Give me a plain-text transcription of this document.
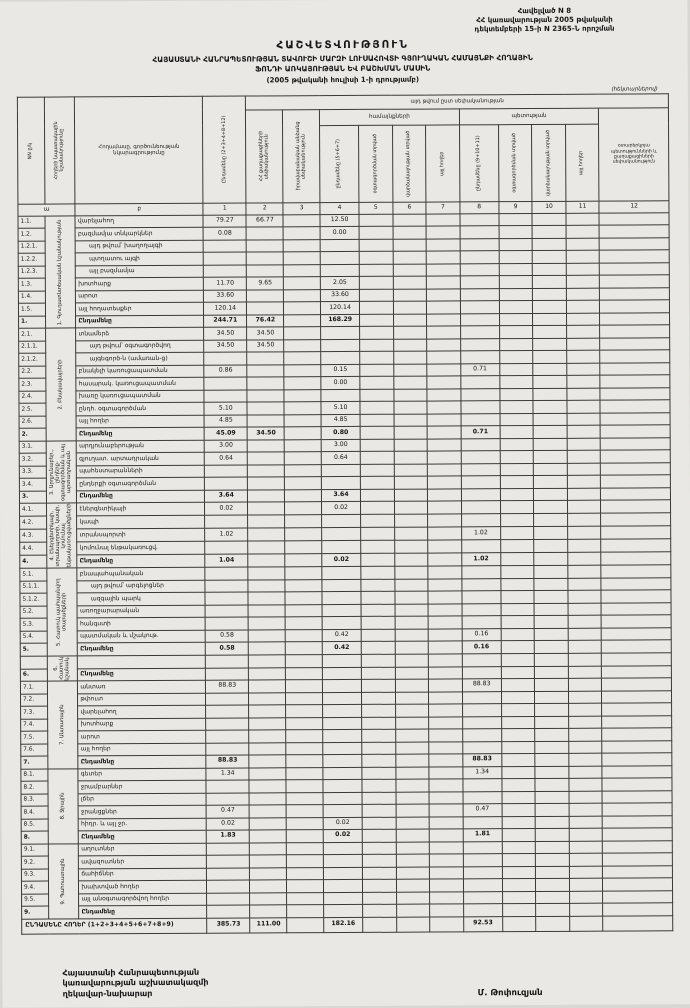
Հավելված N 8
ՀՀ կառավարության 2005 թվականի
դեկտեմբերի 15-ի N 2365-Ն որոշման
ՀԱՇՎԵՏՎՈՒԹՅՈՒՆ
ՀԱՅԱՍՏԱՆԻ ՀԱՆՐԱՊԵՏՈՒԹՅԱՆ ՏԱՎՈՒՇԻ ՄԱՐԶԻ ԼՈՒՍԱՀՈՎՏԻ ԳՅՈՒՂԱԿԱՆ ՀԱՄԱՅՆՔԻ ՀՈՂԱՅԻՆ
ՖՈՆԴԻ ԱՌԿԱՅՈՒԹՅԱՆ ԵՎ ԲԱՇԽՄԱՆ ՄԱՍԻՆ
(2005 թվականի հուլիսի 1-ի դրությամբ)
(հեկտարներով)
NN ը/կ	Հողերի նպատակային նշանակությունը	Հողամասը, գործունեության նկարագրությունը	Ընդամենը (2+3+4+8+12)	այդ թվում ըստ սեփականության										

				ՀՀ քաղաքացիների սեփականություն	իրավաբանական անձանց սեփականություն	համայնքների				պետության				օտարերկրյա պետությունների և քաղաքացիների սեփականություն

						ընդամենը (5+6+7)	օգտագործման տրված	վարձակալության տրված	այլ հողեր	ընդամենը (9+10+11)	օգտագործման տրված	վարձակալության տրված	այլ հողեր	

ա		բ	1	2	3	4	5	6	7	8	9	10	11	12
1.1.	1. Գյուղատնտեսական նշանակության	վարելահող	79.27	66.77		12.50								
1.2.		բազմամյա տնկարկներ	0.08			0.00								
1.2.1.		այդ թվում՝ խաղողայգի												
1.2.2.		պտղատու այգի												
1.2.3.		այլ բազմամյա												
1.3.		խոտհարք	11.70	9.65		2.05								
1.4.		արոտ	33.60			33.60								
1.5.		այլ հողատեսքեր	120.14			120.14								
1.		Ընդամենը	244.71	76.42		168.29								
2.1.	2. Բնակավայրերի	տնամերձ	34.50	34.50										
2.1.1.		այդ թվում՝ օգտագործվող	34.50	34.50										
2.1.2.		այգեգործ-ն (ամառան-ց)												
2.2.		բնակելի կառուցապատման	0.86			0.15				0.71				
2.3.		հասարակ. կառուցապատման				0.00								
2.4.		խառը կառուցապատման												
2.5.		ընդհ. օգտագործման	5.10			5.10								
2.6.		այլ հողեր	4.85			4.85								
2.		Ընդամենը	45.09	34.50		0.80				0.71				
3.1.	3. Արդյունաբեր., ընդերք- օգտագործման և այլ արտադրական	արդյունաբերության	3.00			3.00								
3.2.		գյուղատ. արտադրական	0.64			0.64								
3.3.		պահեստարանների												
3.4.		ընդերքի օգտագործման												
3.		Ընդամենը	3.64			3.64								
4.1.	4. Էներգետիկայի, տրանսպորտի, կապի, կոմունալ ենթակառուցվածքների	էներգետիկայի	0.02			0.02								
4.2.		կապի												
4.3.		տրանսպորտի	1.02							1.02				
4.4.		կոմունալ ենթակառուցվ.												
4.		Ընդամենը	1.04			0.02				1.02				
5.1.	5. Հատուկ պահպանվող տարածքների	բնապահպանական												
5.1.1.		այդ թվում՝ արգելոցներ												
5.1.2.		ազգային պարկ												
5.2.		առողջարարական												
5.3.		հանգստի												
5.4.		պատմական և մշակութ.	0.58			0.42				0.16				
5.		Ընդամենը	0.58			0.42				0.16				

	6. Հատուկ նշանակ.													

6.		Ընդամենը												
7.1.	7. Անտառային	անտառ	88.83							88.83				
7.2.		թփուտ												
7.3.		վարելահող												
7.4.		խոտհարք												
7.5.		արոտ												
7.6.		այլ հողեր												
7.		Ընդամենը	88.83							88.83				
8.1.	8. Ջրային	գետեր	1.34							1.34				
8.2.		ջրամբարներ												
8.3.		լճեր												
8.4.		ջրանցքներ	0.47							0.47				
8.5.		հիդր. և այլ ջր.	0.02			0.02								
8.		Ընդամենը	1.83			0.02				1.81				
9.1.	9. Պահուստային	աղուտներ												
9.2.		ավազուտներ												
9.3.		ճահիճներ												
9.4.		խախտված հողեր												
9.5.		այլ անօգտագործվող հողեր												
9.		Ընդամենը												
ԸՆԴԱՄԵՆԸ ՀՈՂԵՐ (1+2+3+4+5+6+7+8+9)			385.73	111.00		182.16				92.53				
Հայաստանի Հանրապետության
կառավարության աշխատակազմի
ղեկավար-նախարար	Մ. Թոփուզյան
